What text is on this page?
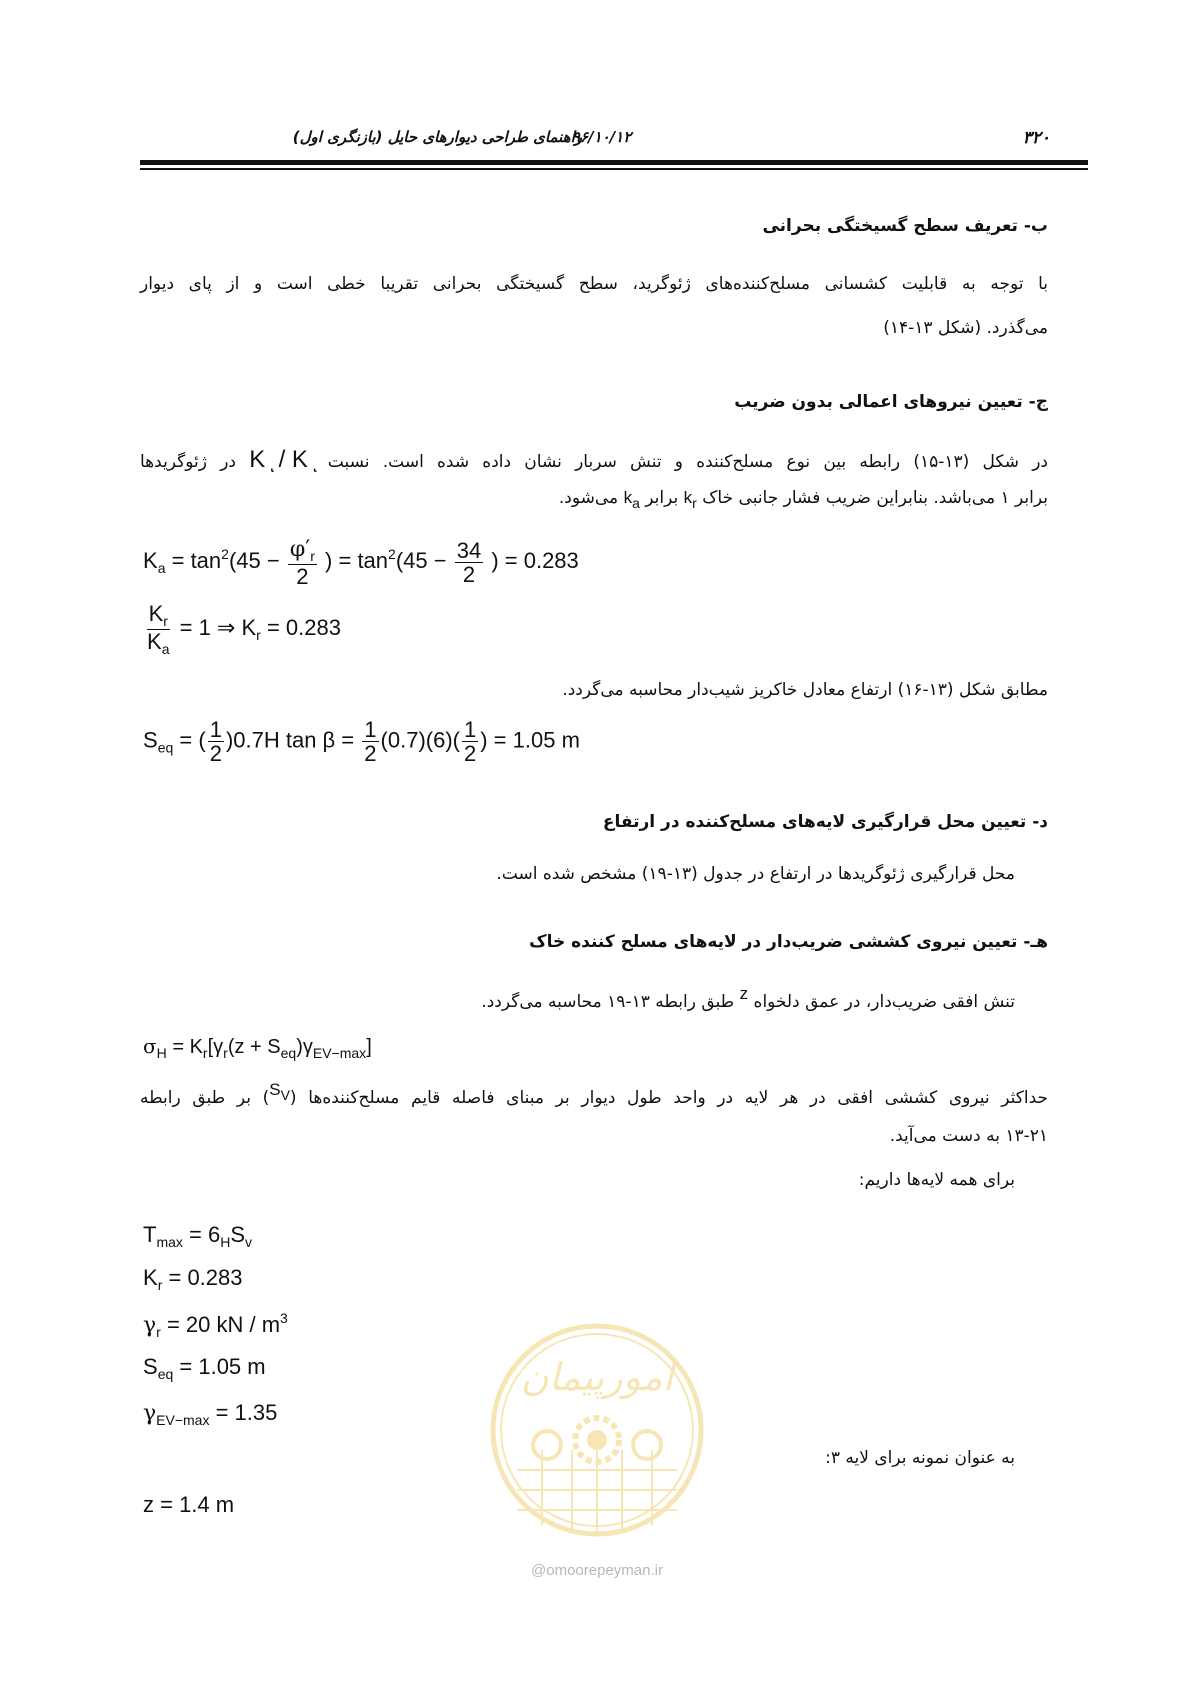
راهنمای طراحی دیوارهای حایل (بازنگری اول)
۹۶/۱۰/۱۲	۳۲۰
ب- تعریف سطح گسیختگی بحرانی
با توجه به قابلیت کشسانی مسلح‌کننده‌های ژئوگرید، سطح گسیختگی بحرانی تقریبا خطی است و از پای دیوار
می‌گذرد. (شکل ۱۳-۱۴)
ج- تعیین نیروهای اعمالی بدون ضریب
در شکل (۱۳-۱۵) رابطه بین نوع مسلح‌کننده و تنش سربار نشان داده شده است. نسبت K ͅ / K ͅ در ژئوگریدها
برابر ۱ می‌باشد. بنابراین ضریب فشار جانبی خاک $k_r$ برابر $k_a$ می‌شود.
$K_a = \tan^2(45 - \frac{\varphi'_r}{2}$ ) = $\tan^2(45 - \frac{34}{2}$ ) = 0.283
$\frac{K_r}{K_a} = 1$ ⇒ $K_r = 0.283$
مطابق شکل (۱۳-۱۶) ارتفاع معادل خاکریز شیب‌دار محاسبه می‌گردد.
$S_{eq}$ = ( $\frac{1}{2} )0.7H$ $\tan \beta = \frac{1}{2} (0.7)(6)( \frac{1}{2}$ ) = 1.05 m
د- تعیین محل قرارگیری لایه‌های مسلح‌کننده در ارتفاع
محل قرارگیری ژئوگریدها در ارتفاع در جدول (۱۳-۱۹) مشخص شده است.
هـ- تعیین نیروی کششی ضریب‌دار در لایه‌های مسلح کننده خاک
تنش افقی ضریب‌دار، در عمق دلخواه z طبق رابطه ۱۳-۱۹ محاسبه می‌گردد.
$\sigma_H = K_r[\gamma_r(z + S_{eq})\gamma_{EV-max}]$
حداکثر نیروی کششی افقی در هر لایه در واحد طول دیوار بر مبنای فاصله قایم مسلح‌کننده‌ها $(S_V)$ بر طبق رابطه
۱۳-۲۱ به دست می‌آید.
برای همه لایه‌ها داریم:
$T_{max} = 6_HS_v$
$K_r = 0.283$
$\gamma_r = 20$ kN / $m^3$
$S_{eq} = 1.05$ m
$\gamma_{EV-max} = 1.35$
به عنوان نمونه برای لایه ۳:
z = 1.4 m
امورپیمان
@omoorepeyman.ir
